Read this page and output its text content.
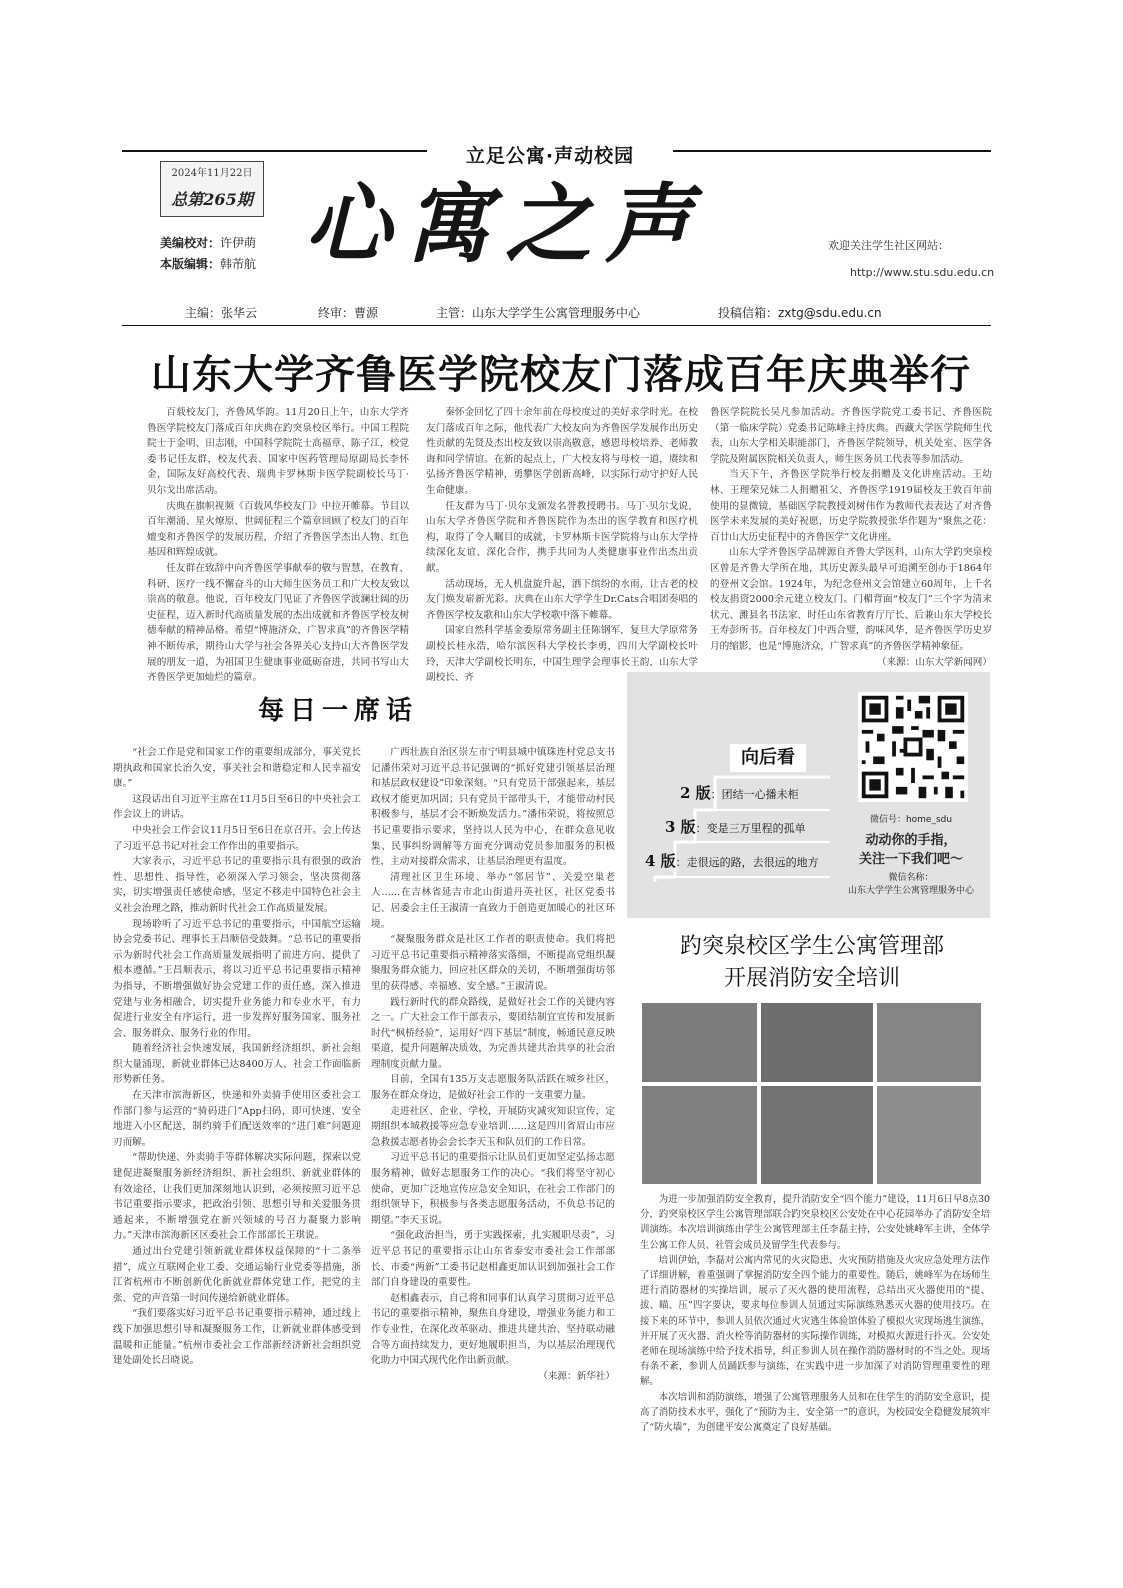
立足公寓·声动校园
2024年11月22日
总第265期
美编校对：许伊萌
本版编辑：韩芾航 心寓之声	欢迎关注学生社区网站：
http://www.stu.sdu.edu.cn
主编：张华云	终审：曹源	主管：山东大学学生公寓管理服务中心	投稿信箱：zxtg@sdu.edu.cn
山东大学齐鲁医学院校友门落成百年庆典举行

百载校友门，齐鲁风华韵。11月20日上午，山东大学齐鲁医学院校友门落成百年庆典在趵突泉校区举行。中国工程院院士于金明、田志刚，中国科学院院士高福章、陈子江，校党委书记任友群，校友代表、国家中医药管理局原副局长李怀金，国际友好高校代表、瑞典卡罗林斯卡医学院副校长马丁·贝尔戈出席活动。

庆典在旗帜视频《百载风华校友门》中拉开帷幕。节目以百年潮涌、星火燎原、世阔征程三个篇章回顾了校友门的百年嬗变和齐鲁医学的发展历程，介绍了齐鲁医学杰出人物、红色基因和辉煌成就。

任友群在致辞中向齐鲁医学事献奉的敬与智慧，在教育、科研、医疗一线不懈奋斗的山大师生医务员工和广大校友致以崇高的敬意。他说，百年校友门见证了齐鲁医学波澜壮阔的历史征程，迈入新时代高质量发展的杰出成就和齐鲁医学校友树德奉献的精神品格。希望“博施济众，广智求真”的齐鲁医学精神不断传承，期待山大学与社会各界关心支持山大齐鲁医学发展的朋友一道，为祖国卫生健康事业砥砺奋进，共同书写山大齐鲁医学更加灿烂的篇章。

秦怀金回忆了四十余年前在母校度过的美好求学时光。在校友门落成百年之际，他代表广大校友向为齐鲁医学发展作出历史性贡献的先贤及杰出校友致以崇高敬意，感恩母校培养、老师教诲和同学情谊。在新的起点上，广大校友将与母校一道，赓续和弘扬齐鲁医学精神，勇攀医学创新高峰，以实际行动守护好人民生命健康。

任友群为马丁·贝尔戈颁发名誉教授聘书。马丁·贝尔戈说，山东大学齐鲁医学院和齐鲁医院作为杰出的医学教育和医疗机构，取得了令人瞩目的成就，卡罗林斯卡医学院将与山东大学持续深化友谊、深化合作，携手共同为人类健康事业作出杰出贡献。

活动现场，无人机盘旋升起，洒下缤纷的水雨，让古老的校友门焕发崭新光彩。庆典在山东大学学生Dr.Cats合唱团奏唱的齐鲁医学校友歌和山东大学校歌中落下帷幕。

国家自然科学基金委原常务副主任陈钢军，复旦大学原常务副校长桂永浩，哈尔滨医科大学校长李勇，四川大学副校长叶玲，天津大学副校长明东，中国生理学会理事长王韵，山东大学副校长、齐

鲁医学院院长吴凡参加活动。齐鲁医学院党工委书记、齐鲁医院（第一临床学院）党委书记陈峰主持庆典。西藏大学医学院师生代表，山东大学相关职能部门，齐鲁医学院领导，机关处室、医学各学院及附属医院相关负责人，师生医务员工代表等参加活动。

当天下午，齐鲁医学院举行校友捐赠及文化讲座活动。王幼林、王理荣兄妹二人捐赠祖父、齐鲁医学1919届校友王敦百年前使用的显微镜，基础医学院教授刘树伟作为教师代表表达了对齐鲁医学未来发展的美好祝愿，历史学院教授张华作题为“聚焦之花：百廿山大历史征程中的齐鲁医学”文化讲座。

山东大学齐鲁医学品牌源自齐鲁大学医科，山东大学趵突泉校区曾是齐鲁大学所在地，其历史源头最早可追溯至创办于1864年的登州文会馆。1924年，为纪念登州文会馆建立60周年，上千名校友捐资2000余元建立校友门。门楣背面“校友门”三个字为清末状元、潍县名书法家、时任山东省教育厅厅长、后兼山东大学校长王寿彭所书。百年校友门中西合璧，韵味风华，是齐鲁医学历史岁月的缩影，也是“博施济众，广智求真”的齐鲁医学精神象征。

（来源：山东大学新闻网）
每日一席话

“社会工作是党和国家工作的重要组成部分，事关党长期执政和国家长治久安，事关社会和谐稳定和人民幸福安康。”

这段话出自习近平主席在11月5日至6日的中央社会工作会议上的讲话。

中央社会工作会议11月5日至6日在京召开。会上传达了习近平总书记对社会工作作出的重要指示。

大家表示，习近平总书记的重要指示具有很强的政治性、思想性、指导性，必须深入学习领会，坚决贯彻落实，切实增强责任感使命感，坚定不移走中国特色社会主义社会治理之路，推动新时代社会工作高质量发展。

现场聆听了习近平总书记的重要指示，中国航空运输协会党委书记、理事长王昌顺倍受鼓舞。“总书记的重要指示为新时代社会工作高质量发展指明了前进方向、提供了根本遵循。”王昌顺表示，将以习近平总书记重要指示精神为指导，不断增强做好协会党建工作的责任感，深入推进党建与业务相融合，切实提升业务能力和专业水平，有力促进行业安全有序运行，进一步发挥好服务国家、服务社会、服务群众、服务行业的作用。

随着经济社会快速发展，我国新经济组织、新社会组织大量涌现，新就业群体已达8400万人，社会工作面临新形势新任务。

在天津市滨海新区，快递和外卖骑手使用区委社会工作部门参与运营的“骑码进门”App扫码，即可快速、安全地进入小区配送，制约骑手们配送效率的“进门难”问题迎刃而解。

“帮助快递、外卖骑手等群体解决实际问题，探索以党建促进凝聚服务新经济组织、新社会组织、新就业群体的有效途径，让我们更加深刻地认识到，必须按照习近平总书记重要指示要求，把政治引领、思想引导和关爱服务贯通起来，不断增强党在新兴领域的号召力凝聚力影响力。”天津市滨海新区区委社会工作部部长王琪说。

通过出台党建引领新就业群体权益保障的“十二条举措”，成立互联网企业工委、交通运输行业党委等措施，浙江省杭州市不断创新优化新就业群体党建工作，把党的主张、党的声音第一时间传递给新就业群体。

“我们要落实好习近平总书记重要指示精神，通过线上线下加强思想引导和凝聚服务工作，让新就业群体感受到温暖和正能量。”杭州市委社会工作部新经济新社会组织党建处副处长吕晓说。

广西壮族自治区崇左市宁明县城中镇珠连村党总支书记潘伟荣对习近平总书记强调的“抓好党建引领基层治理和基层政权建设”印象深刻。“只有党员干部强起来，基层政权才能更加巩固；只有党员干部带头干，才能带动村民积极参与，基层才会不断焕发活力。”潘伟荣说，将按照总书记重要指示要求，坚持以人民为中心，在群众意见收集、民事纠纷调解等方面充分调动党员参加服务的积极性，主动对接群众需求，让基层治理更有温度。

清理社区卫生环境、举办“邻居节”、关爱空巢老人……在吉林省延吉市北山街道丹英社区，社区党委书记、居委会主任王淑清一直致力于创造更加暖心的社区环境。

“凝聚服务群众是社区工作者的职责使命。我们将把习近平总书记重要指示精神落实落细，不断提高党组织凝聚服务群众能力，回应社区群众的关切，不断增强街坊邻里的获得感、幸福感、安全感。”王淑清说。

践行新时代的群众路线，是做好社会工作的关键内容之一。广大社会工作干部表示，要团结制宜宣传和发展新时代“枫桥经验”，运用好“四下基层”制度，畅通民意反映渠道，提升问题解决质效，为完善共建共治共享的社会治理制度贡献力量。

目前，全国有135万支志愿服务队活跃在城乡社区，服务在群众身边，是做好社会工作的一支重要力量。

走进社区、企业、学校，开展防灾减灾知识宣传，定期组织本城救援等应急专业培训……这是四川省眉山市应急救援志愿者协会会长李天玉和队员们的工作日常。

习近平总书记的重要指示让队员们更加坚定弘扬志愿服务精神，做好志愿服务工作的决心。“我们将坚守初心使命，更加广泛地宣传应急安全知识，在社会工作部门的组织领导下，积极参与各类志愿服务活动，不负总书记的期望。”李天玉说。

“强化政治担当，勇于实践探索，扎实履职尽责”，习近平总书记的重要指示让山东省泰安市委社会工作部部长、市委“两新”工委书记赵相鑫更加认识到加强社会工作部门自身建设的重要性。

赵相鑫表示，自己将和同事们认真学习贯彻习近平总书记的重要指示精神，聚焦自身建设，增强业务能力和工作专业性，在深化改革驱动、推进共建共治、坚持联动融合等方面持续发力，更好地履职担当，为以基层治理现代化助力中国式现代化作出新贡献。

（来源：新华社）
向后看
2 版：团结一心播未柜
3 版：变是三万里程的孤单
4 版：走很远的路，去很远的地方
微信号：home_sdu
动动你的手指，
关注一下我们吧～
微信名称：
山东大学学生公寓管理服务中心
趵突泉校区学生公寓管理部
开展消防安全培训

为进一步加强消防安全教育，提升消防安全“四个能力”建设，11月6日早8点30分，趵突泉校区学生公寓管理部联合趵突泉校区公安处在中心花园举办了消防安全培训演练。本次培训演练由学生公寓管理部主任李磊主持，公安处姚峰军主讲，全体学生公寓工作人员、社管会成员及留学生代表参与。

培训伊始，李磊对公寓内常见的火灾隐患、火灾预防措施及火灾应急处理方法作了详细讲解，着重强调了掌握消防安全四个能力的重要性。随后，姚峰军为在场师生进行消防器材的实操培训，展示了灭火器的使用流程，总结出灭火器使用的“提、拔、瞄、压”四字要诀，要求每位参训人员通过实际演练熟悉灭火器的使用技巧。在接下来的环节中，参训人员依次通过火灾逃生体验馆体验了模拟火灾现场逃生演练，并开展了灭火器、消火栓等消防器材的实际操作训练，对模拟火源进行扑灭。公安处老师在现场演练中给予技术指导，纠正参训人员在操作消防器材时的不当之处。现场有条不紊，参训人员踊跃参与演练，在实践中进一步加深了对消防管理重要性的理解。

本次培训和消防演练，增强了公寓管理服务人员和在住学生的消防安全意识，提高了消防技术水平，强化了“预防为主、安全第一”的意识，为校园安全稳健发展筑牢了“防火墙”，为创建平安公寓奠定了良好基础。
